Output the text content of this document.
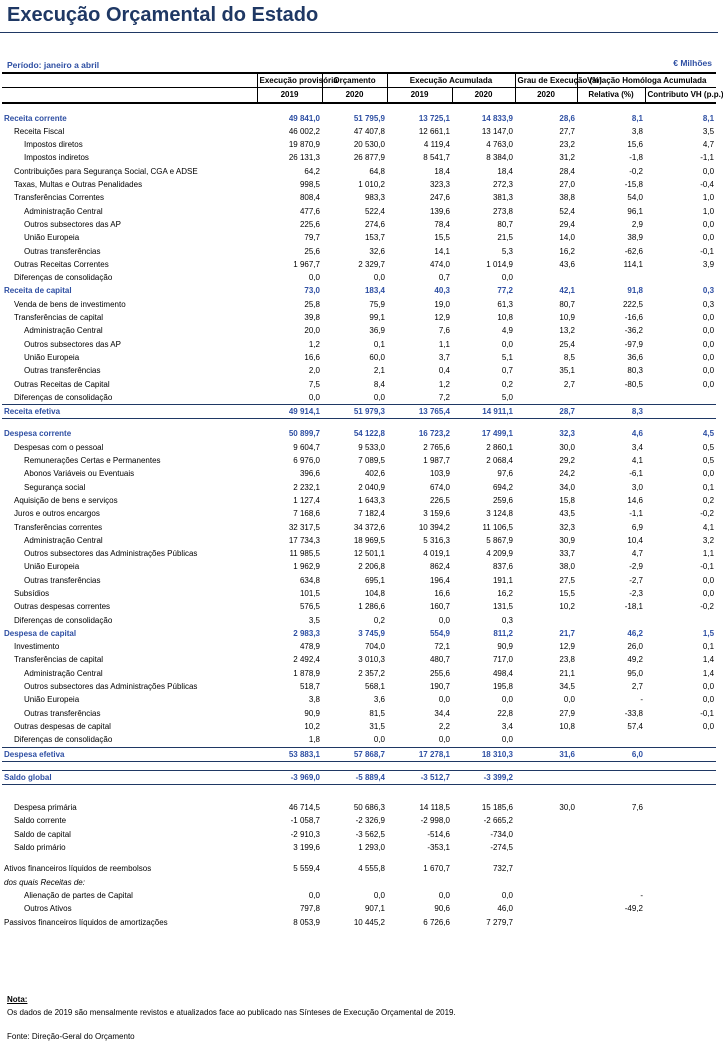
Execução Orçamental do Estado
Período: janeiro a abril	€ Milhões
	Execução provisória	Orçamento	Execução Acumulada		Grau de Execução (%)	Variação Homóloga Acumulada	
	2019	2020	2019	2020	2020	Relativa (%)	Contributo VH (p.p.)

Receita corrente	49 841,0	51 795,9	13 725,1	14 833,9	28,6	8,1	8,1
Receita Fiscal	46 002,2	47 407,8	12 661,1	13 147,0	27,7	3,8	3,5
Impostos diretos	19 870,9	20 530,0	4 119,4	4 763,0	23,2	15,6	4,7
Impostos indiretos	26 131,3	26 877,9	8 541,7	8 384,0	31,2	-1,8	-1,1
Contribuições para Segurança Social, CGA e ADSE	64,2	64,8	18,4	18,4	28,4	-0,2	0,0
Taxas, Multas e Outras Penalidades	998,5	1 010,2	323,3	272,3	27,0	-15,8	-0,4
Transferências Correntes	808,4	983,3	247,6	381,3	38,8	54,0	1,0
Administração Central	477,6	522,4	139,6	273,8	52,4	96,1	1,0
Outros subsectores das AP	225,6	274,6	78,4	80,7	29,4	2,9	0,0
União Europeia	79,7	153,7	15,5	21,5	14,0	38,9	0,0
Outras transferências	25,6	32,6	14,1	5,3	16,2	-62,6	-0,1
Outras Receitas Correntes	1 967,7	2 329,7	474,0	1 014,9	43,6	114,1	3,9
Diferenças de consolidação	0,0	0,0	0,7	0,0			
Receita de capital	73,0	183,4	40,3	77,2	42,1	91,8	0,3
Venda de bens de investimento	25,8	75,9	19,0	61,3	80,7	222,5	0,3
Transferências de capital	39,8	99,1	12,9	10,8	10,9	-16,6	0,0
Administração Central	20,0	36,9	7,6	4,9	13,2	-36,2	0,0
Outros subsectores das AP	1,2	0,1	1,1	0,0	25,4	-97,9	0,0
União Europeia	16,6	60,0	3,7	5,1	8,5	36,6	0,0
Outras transferências	2,0	2,1	0,4	0,7	35,1	80,3	0,0
Outras Receitas de Capital	7,5	8,4	1,2	0,2	2,7	-80,5	0,0
Diferenças de consolidação	0,0	0,0	7,2	5,0			
Receita efetiva	49 914,1	51 979,3	13 765,4	14 911,1	28,7	8,3	

Despesa corrente	50 899,7	54 122,8	16 723,2	17 499,1	32,3	4,6	4,5
Despesas com o pessoal	9 604,7	9 533,0	2 765,6	2 860,1	30,0	3,4	0,5
Remunerações Certas e Permanentes	6 976,0	7 089,5	1 987,7	2 068,4	29,2	4,1	0,5
Abonos Variáveis ou Eventuais	396,6	402,6	103,9	97,6	24,2	-6,1	0,0
Segurança social	2 232,1	2 040,9	674,0	694,2	34,0	3,0	0,1
Aquisição de bens e serviços	1 127,4	1 643,3	226,5	259,6	15,8	14,6	0,2
Juros e outros encargos	7 168,6	7 182,4	3 159,6	3 124,8	43,5	-1,1	-0,2
Transferências correntes	32 317,5	34 372,6	10 394,2	11 106,5	32,3	6,9	4,1
Administração Central	17 734,3	18 969,5	5 316,3	5 867,9	30,9	10,4	3,2
Outros subsectores das Administrações Públicas	11 985,5	12 501,1	4 019,1	4 209,9	33,7	4,7	1,1
União Europeia	1 962,9	2 206,8	862,4	837,6	38,0	-2,9	-0,1
Outras transferências	634,8	695,1	196,4	191,1	27,5	-2,7	0,0
Subsídios	101,5	104,8	16,6	16,2	15,5	-2,3	0,0
Outras despesas correntes	576,5	1 286,6	160,7	131,5	10,2	-18,1	-0,2
Diferenças de consolidação	3,5	0,2	0,0	0,3			
Despesa de capital	2 983,3	3 745,9	554,9	811,2	21,7	46,2	1,5
Investimento	478,9	704,0	72,1	90,9	12,9	26,0	0,1
Transferências de capital	2 492,4	3 010,3	480,7	717,0	23,8	49,2	1,4
Administração Central	1 878,9	2 357,2	255,6	498,4	21,1	95,0	1,4
Outros subsectores das Administrações Públicas	518,7	568,1	190,7	195,8	34,5	2,7	0,0
União Europeia	3,8	3,6	0,0	0,0	0,0	-	0,0
Outras transferências	90,9	81,5	34,4	22,8	27,9	-33,8	-0,1
Outras despesas de capital	10,2	31,5	2,2	3,4	10,8	57,4	0,0
Diferenças de consolidação	1,8	0,0	0,0	0,0			
Despesa efetiva	53 883,1	57 868,7	17 278,1	18 310,3	31,6	6,0	

Saldo global	-3 969,0	-5 889,4	-3 512,7	-3 399,2			

Despesa primária	46 714,5	50 686,3	14 118,5	15 185,6	30,0	7,6	
Saldo corrente	-1 058,7	-2 326,9	-2 998,0	-2 665,2			
Saldo de capital	-2 910,3	-3 562,5	-514,6	-734,0			
Saldo primário	3 199,6	1 293,0	-353,1	-274,5			

Ativos financeiros líquidos de reembolsos	5 559,4	4 555,8	1 670,7	732,7			
dos quais Receitas de:							
Alienação de partes de Capital	0,0	0,0	0,0	0,0		-	
Outros Ativos	797,8	907,1	90,6	46,0		-49,2	
Passivos financeiros líquidos de amortizações	8 053,9	10 445,2	6 726,6	7 279,7			
Nota:
Os dados de 2019 são mensalmente revistos e atualizados face ao publicado nas Sínteses de Execução Orçamental de 2019.
Fonte: Direção-Geral do Orçamento
